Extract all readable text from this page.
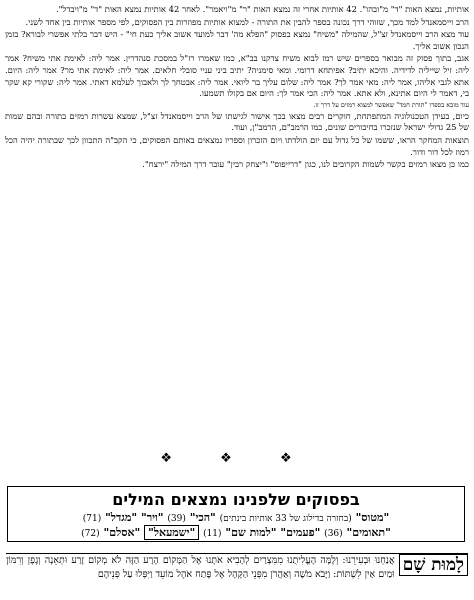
אותיות, נמצא האות "ד" מ"ובהו". 42 אותיות אחרי זה נמצא האות "ר" מ"ויאמר". לאחר 42 אותיות נמצא האות "ד" מ"ויבדל".

הרב וייסמאנדל למד מכך, שזוהי דרך נכונה בספר להבין את התורה - למצוא אותיות מפוזרות בין הפסוקים, לפי מספר אותיות בין אחד לשני.

עוד מצא הרב וייסמאנדל זצ"ל, שהמילה "משיח" נמצא בפסוק "הפלא מה' דבר למועד אשוב אליך כעת חי" - היש דבר בלתי אפשרי לבורא? בזמן הנכון אשוב אליך.

אגב, בתוך פסוק זה מבואר בספרים שיש רמז לבוא משיח צדקנו בב"א, כמו שאמרו רז"ל במסכת סנהדרין. אמר ליה: לאימת אתי משיח? אמר ליה: זיל שייליה לדידיה. והיכא יתיב? אפיתחא דרומי. ומאי סימניה? יתיב ביני עניי סובלי חלאים. אמר ליה: לאימת אתי מר? אמר ליה: היום. אתא לגבי אליהו, אמר ליה: מאי אמר לך? אמר ליה: שלום עליך בר ליואי. אמר ליה: אבטחך לך ולאבוך לעלמא דאתי. אמר ליה: שקורי קא שקר בי, דאמר לי היום אתינא, ולא אתא. אמר ליה: הכי אמר לך: היום אם בקולו תשמעו.

עוד מובא בספרו "תורת חמד" שאפשר למצוא רמזים על דרך זו.

כיום, בעידן הטכנולוגיה המתפתחת, חוקרים רבים מצאו בכך אישור לגישתו של הרב וייסמאנדל זצ"ל, שמצא עשרות רמזים בתורה ובהם שמות של 25 גדולי ישראל שנזכרו בחיבורים שונים, כמו הרמב"ם, הרמב"ן, ועוד.

תוצאות המחקר הראו, ששמו של כל גדול עם יום הולדתו ויום הזכרון וספריו נמצאים באותם הפסוקים, כי הקב"ה התכוון לכך שבתורה יהיה הכל רמוז לכל דור ודור.

כמו כן מצאו רמזים בקשר לשמות הקרובים לנו, כגון "דרייפוס" ו"יצחק רבין" עובר דרך המילה "ירצח".

❖ ❖ ❖
בפסוקים שלפנינו נמצאים המילים
"מטוס" (בחזרה בדילוג של 33 אותיות בינתים) "הכי" (39) "ויר" "מגדל" (71)
"תאומים" (36) "פעמים" "למות שם" (11) "ישמעאל" "אסלם" (72)
לָמוּת שָׁם
אֲנַחְנוּ וּבְעִירֵנוּ: וְלָמָּה הֶעֱלִיתֻנוּ מִמִּצְרַיִם לְהָבִיא אֹתָנוּ אֶל הַמָּקוֹם הָרָע הַזֶּה לֹא מְקוֹם זֶרַע וּתְאֵנָה וְגֶפֶן וְרִמּוֹן וּמַיִם אַיִן לִשְׁתּוֹת: וַיָּבֹא מֹשֶׁה וְאַהֲרֹן מִפְּנֵי הַקָּהָל אֶל פֶּתַח אֹהֶל מוֹעֵד וַיִּפְּלוּ עַל פְּנֵיהֶם
